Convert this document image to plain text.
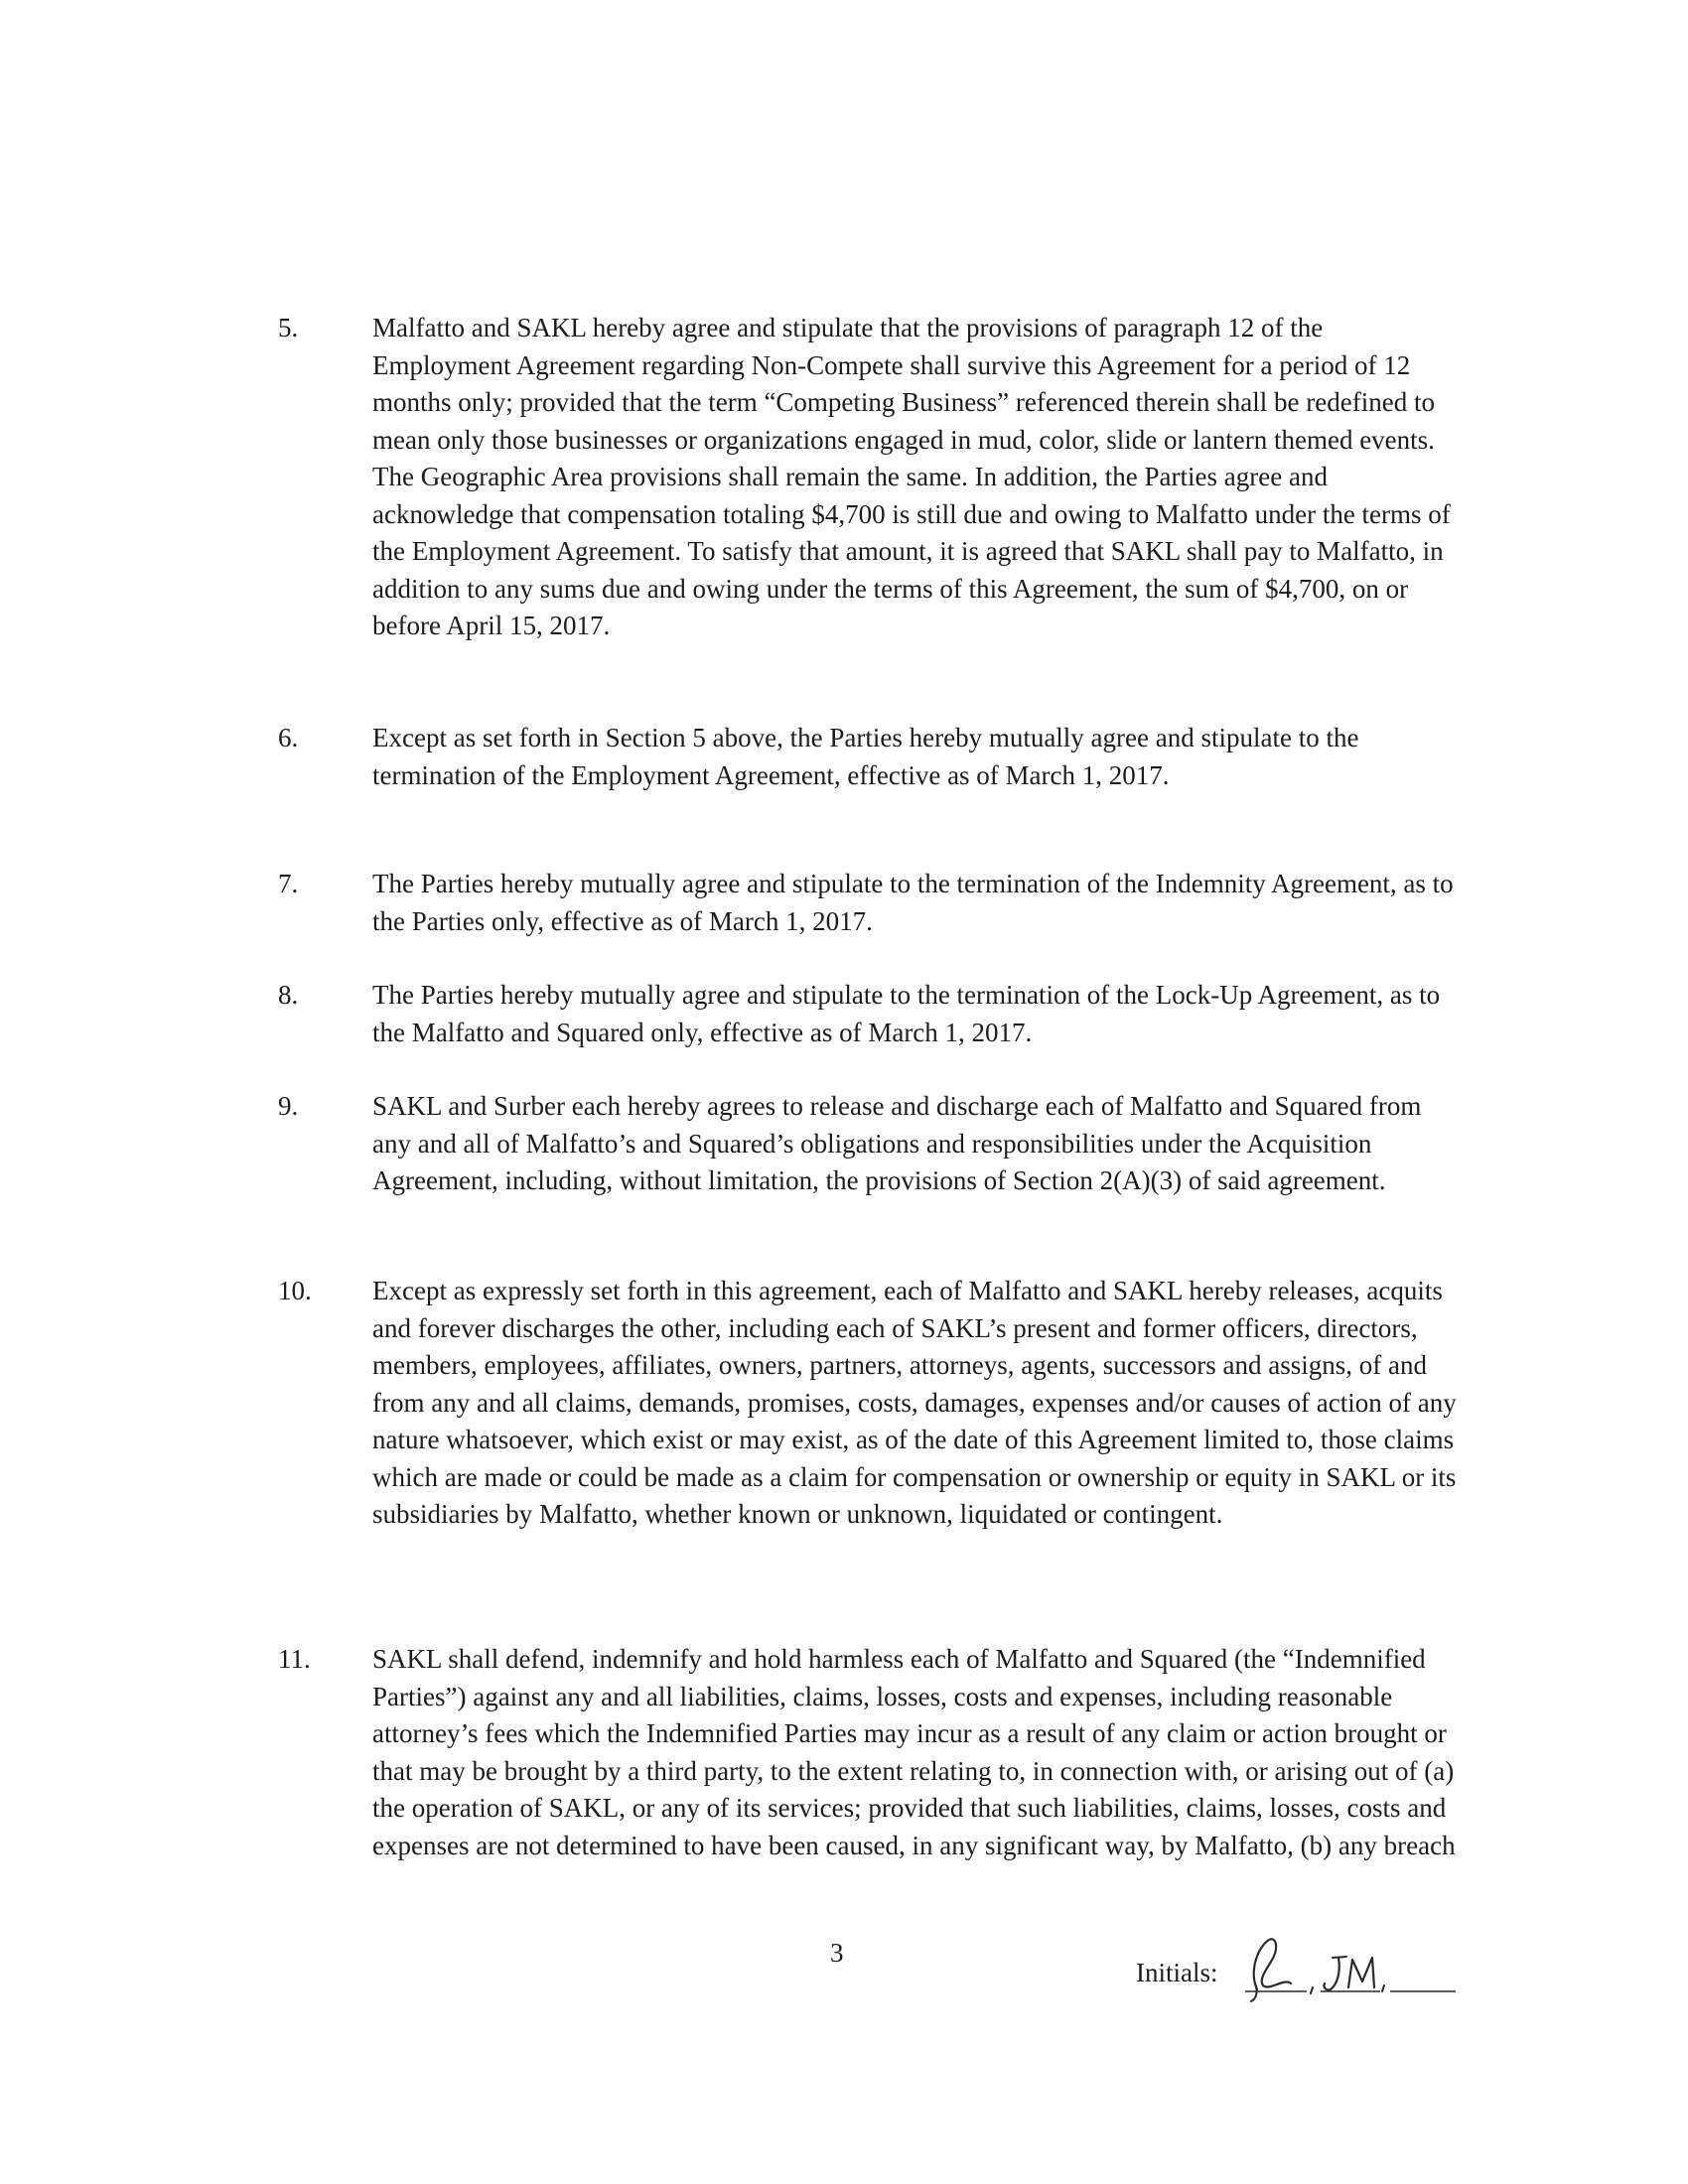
5.	Malfatto and SAKL hereby agree and stipulate that the provisions of paragraph 12 of the Employment Agreement regarding Non-Compete shall survive this Agreement for a period of 12 months only; provided that the term “Competing Business” referenced therein shall be redefined to mean only those businesses or organizations engaged in mud, color, slide or lantern themed events. The Geographic Area provisions shall remain the same. In addition, the Parties agree and acknowledge that compensation totaling $4,700 is still due and owing to Malfatto under the terms of the Employment Agreement. To satisfy that amount, it is agreed that SAKL shall pay to Malfatto, in addition to any sums due and owing under the terms of this Agreement, the sum of $4,700, on or before April 15, 2017.
6.	Except as set forth in Section 5 above, the Parties hereby mutually agree and stipulate to the termination of the Employment Agreement, effective as of March 1, 2017.
7.	The Parties hereby mutually agree and stipulate to the termination of the Indemnity Agreement, as to the Parties only, effective as of March 1, 2017.
8.	The Parties hereby mutually agree and stipulate to the termination of the Lock-Up Agreement, as to the Malfatto and Squared only, effective as of March 1, 2017.
9.	SAKL and Surber each hereby agrees to release and discharge each of Malfatto and Squared from any and all of Malfatto’s and Squared’s obligations and responsibilities under the Acquisition Agreement, including, without limitation, the provisions of Section 2(A)(3) of said agreement.
10.	Except as expressly set forth in this agreement, each of Malfatto and SAKL hereby releases, acquits and forever discharges the other, including each of SAKL’s present and former officers, directors, members, employees, affiliates, owners, partners, attorneys, agents, successors and assigns, of and from any and all claims, demands, promises, costs, damages, expenses and/or causes of action of any nature whatsoever, which exist or may exist, as of the date of this Agreement limited to, those claims which are made or could be made as a claim for compensation or ownership or equity in SAKL or its subsidiaries by Malfatto, whether known or unknown, liquidated or contingent.
11.	SAKL shall defend, indemnify and hold harmless each of Malfatto and Squared (the “Indemnified Parties”) against any and all liabilities, claims, losses, costs and expenses, including reasonable attorney’s fees which the Indemnified Parties may incur as a result of any claim or action brought or that may be brought by a third party, to the extent relating to, in connection with, or arising out of (a) the operation of SAKL, or any of its services; provided that such liabilities, claims, losses, costs and expenses are not determined to have been caused, in any significant way, by Malfatto, (b) any breach
3
Initials:
